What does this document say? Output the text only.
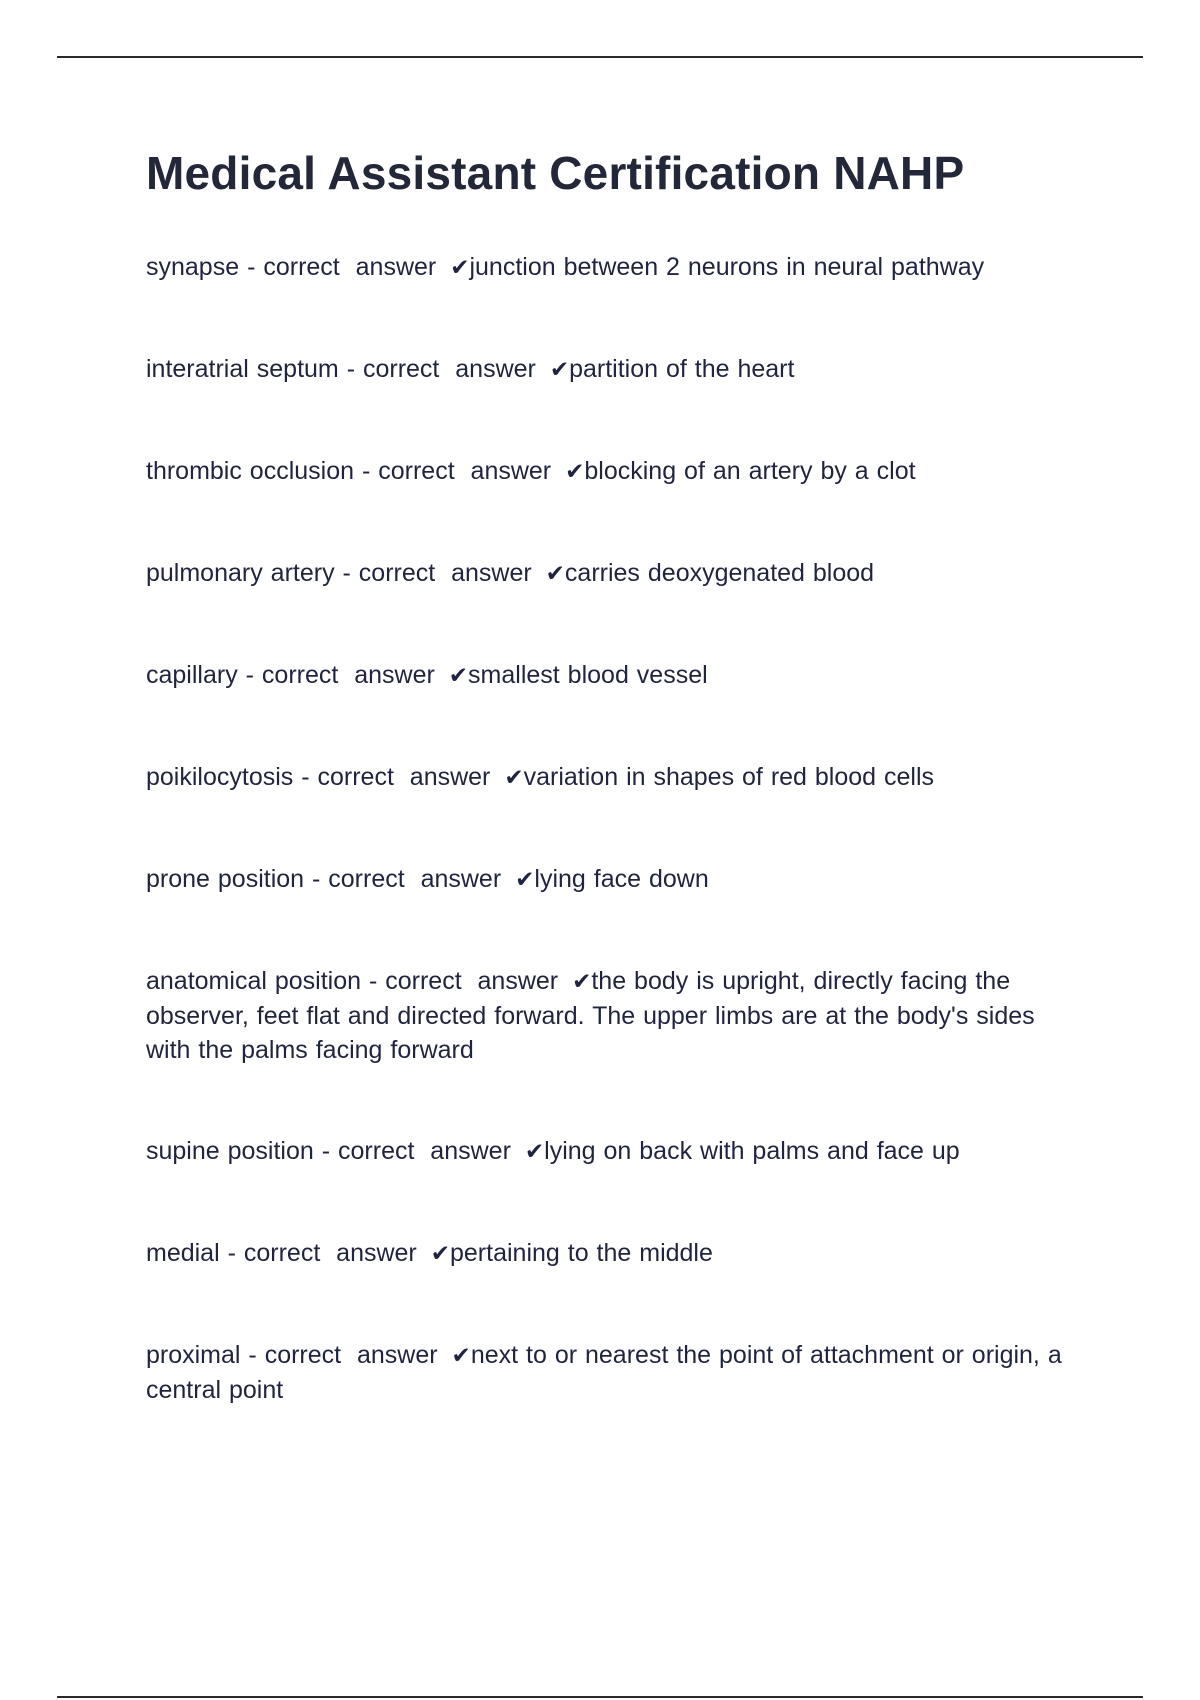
Medical Assistant Certification NAHP
synapse - correct  answer ✔junction between 2 neurons in neural pathway
interatrial septum - correct  answer ✔partition of the heart
thrombic occlusion - correct  answer ✔blocking of an artery by a clot
pulmonary artery - correct  answer ✔carries deoxygenated blood
capillary - correct  answer ✔smallest blood vessel
poikilocytosis - correct  answer ✔variation in shapes of red blood cells
prone position - correct  answer ✔lying face down
anatomical position - correct  answer ✔the body is upright, directly facing the observer, feet flat and directed forward. The upper limbs are at the body's sides with the palms facing forward
supine position - correct  answer ✔lying on back with palms and face up
medial - correct  answer ✔pertaining to the middle
proximal - correct  answer ✔next to or nearest the point of attachment or origin, a central point
